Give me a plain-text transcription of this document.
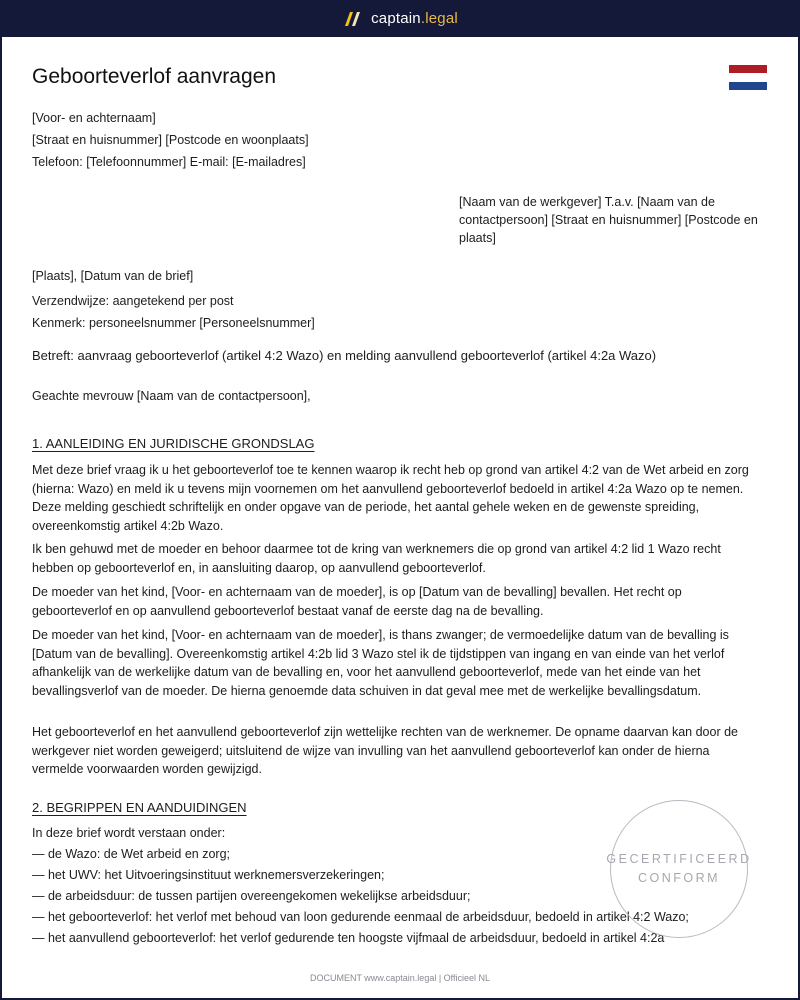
captain.legal
Geboorteverlof aanvragen
[Voor- en achternaam]
[Straat en huisnummer] [Postcode en woonplaats]
Telefoon: [Telefoonnummer] E-mail: [E-mailadres]

[Naam van de werkgever] T.a.v. [Naam van de contactpersoon] [Straat en huisnummer] [Postcode en plaats]

[Plaats], [Datum van de brief]
Verzendwijze: aangetekend per post
Kenmerk: personeelsnummer [Personeelsnummer]
Betreft: aanvraag geboorteverlof (artikel 4:2 Wazo) en melding aanvullend geboorteverlof (artikel 4:2a Wazo)
Geachte mevrouw [Naam van de contactpersoon],
1. AANLEIDING EN JURIDISCHE GRONDSLAG

Met deze brief vraag ik u het geboorteverlof toe te kennen waarop ik recht heb op grond van artikel 4:2 van de Wet arbeid en zorg (hierna: Wazo) en meld ik u tevens mijn voornemen om het aanvullend geboorteverlof bedoeld in artikel 4:2a Wazo op te nemen. Deze melding geschiedt schriftelijk en onder opgave van de periode, het aantal gehele weken en de gewenste spreiding, overeenkomstig artikel 4:2b Wazo.

Ik ben gehuwd met de moeder en behoor daarmee tot de kring van werknemers die op grond van artikel 4:2 lid 1 Wazo recht hebben op geboorteverlof en, in aansluiting daarop, op aanvullend geboorteverlof.

De moeder van het kind, [Voor- en achternaam van de moeder], is op [Datum van de bevalling] bevallen. Het recht op geboorteverlof en op aanvullend geboorteverlof bestaat vanaf de eerste dag na de bevalling.

De moeder van het kind, [Voor- en achternaam van de moeder], is thans zwanger; de vermoedelijke datum van de bevalling is [Datum van de bevalling]. Overeenkomstig artikel 4:2b lid 3 Wazo stel ik de tijdstippen van ingang en van einde van het verlof afhankelijk van de werkelijke datum van de bevalling en, voor het aanvullend geboorteverlof, mede van het einde van het bevallingsverlof van de moeder. De hierna genoemde data schuiven in dat geval mee met de werkelijke bevallingsdatum.

Het geboorteverlof en het aanvullend geboorteverlof zijn wettelijke rechten van de werknemer. De opname daarvan kan door de werkgever niet worden geweigerd; uitsluitend de wijze van invulling van het aanvullend geboorteverlof kan onder de hierna vermelde voorwaarden worden gewijzigd.

2. BEGRIPPEN EN AANDUIDINGEN
In deze brief wordt verstaan onder:
— de Wazo: de Wet arbeid en zorg;
— het UWV: het Uitvoeringsinstituut werknemersverzekeringen;
— de arbeidsduur: de tussen partijen overeengekomen wekelijkse arbeidsduur;
— het geboorteverlof: het verlof met behoud van loon gedurende eenmaal de arbeidsduur, bedoeld in artikel 4:2 Wazo;
— het aanvullend geboorteverlof: het verlof gedurende ten hoogste vijfmaal de arbeidsduur, bedoeld in artikel 4:2a
GECERTIFICEERD
CONFORM
DOCUMENT www.captain.legal | Officieel NL
